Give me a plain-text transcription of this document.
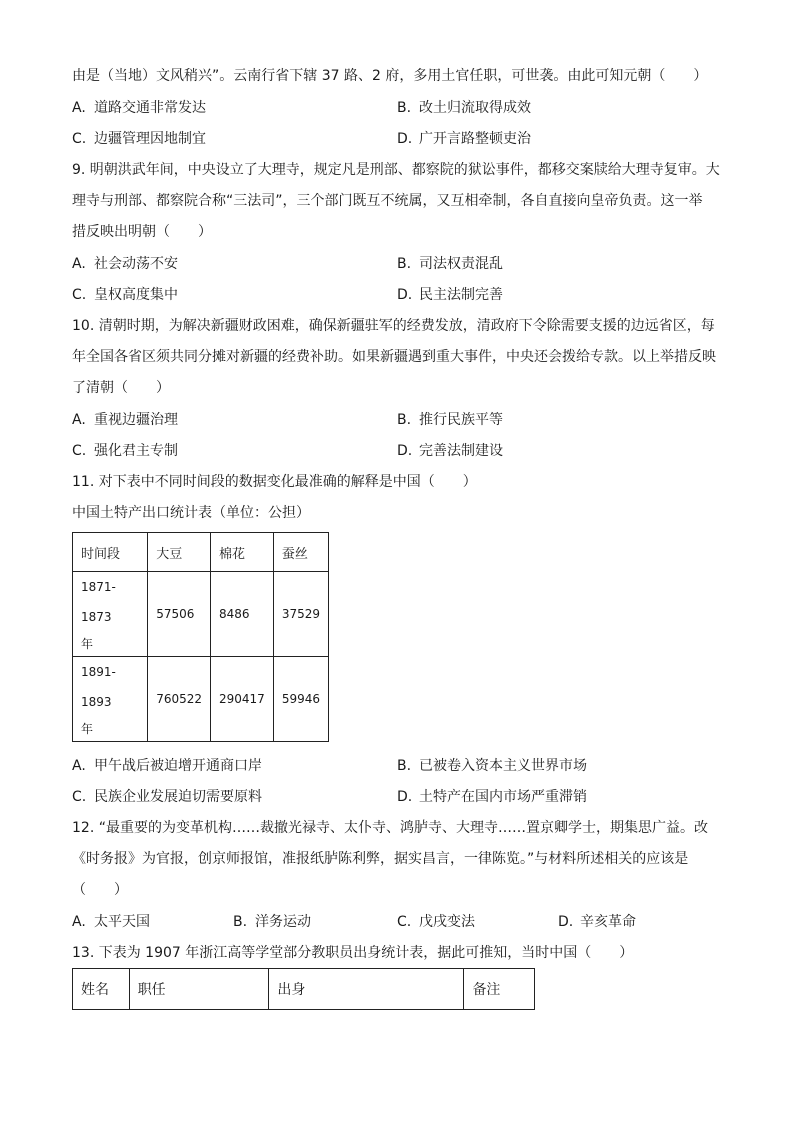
由是（当地）文风稍兴”。云南行省下辖 37 路、2 府，多用土官任职，可世袭。由此可知元朝（　　）
A. 道路交通非常发达	B. 改土归流取得成效
C. 边疆管理因地制宜	D. 广开言路整顿吏治
9. 明朝洪武年间，中央设立了大理寺，规定凡是刑部、都察院的狱讼事件，都移交案牍给大理寺复审。大
理寺与刑部、都察院合称“三法司”，三个部门既互不统属，又互相牵制，各自直接向皇帝负责。这一举
措反映出明朝（　　）
A. 社会动荡不安	B. 司法权责混乱
C. 皇权高度集中	D. 民主法制完善
10. 清朝时期，为解决新疆财政困难，确保新疆驻军的经费发放，清政府下令除需要支援的边远省区，每
年全国各省区须共同分摊对新疆的经费补助。如果新疆遇到重大事件，中央还会拨给专款。以上举措反映
了清朝（　　）
A. 重视边疆治理	B. 推行民族平等
C. 强化君主专制	D. 完善法制建设
11. 对下表中不同时间段的数据变化最准确的解释是中国（　　）
中国土特产出口统计表（单位：公担）
时间段	大豆	棉花	蚕丝

1871-1873
年	57506	8486	37529

1891-1893
年	760522	290417	59946
A. 甲午战后被迫增开通商口岸	B. 已被卷入资本主义世界市场
C. 民族企业发展迫切需要原料	D. 土特产在国内市场严重滞销
12. “最重要的为变革机构……裁撤光禄寺、太仆寺、鸿胪寺、大理寺……置京卿学士，期集思广益。改
《时务报》为官报，创京师报馆，准报纸胪陈利弊，据实昌言，一律陈览。”与材料所述相关的应该是
（　　）
A. 太平天国	B. 洋务运动	C. 戊戌变法	D. 辛亥革命
13. 下表为 1907 年浙江高等学堂部分教职员出身统计表，据此可推知，当时中国（　　）
姓名	职任	出身	备注
